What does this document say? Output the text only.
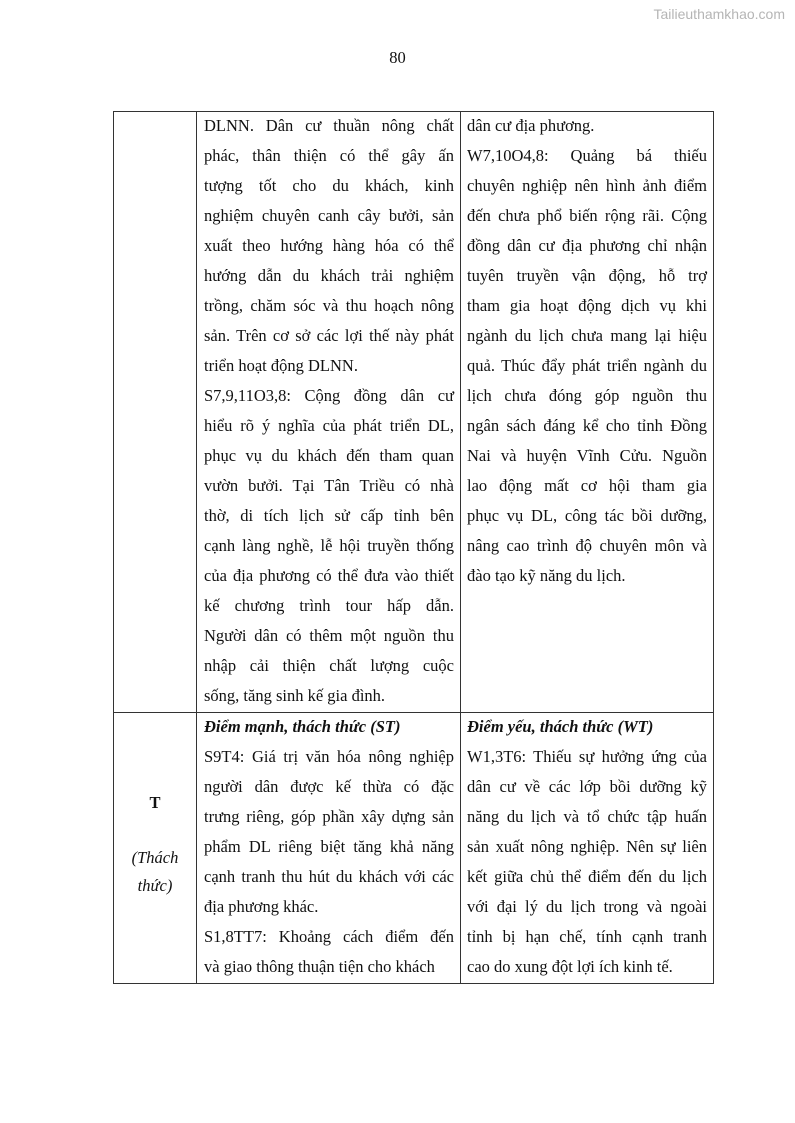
Tailieuthamkhao.com
80
DLNN. Dân cư thuần nông chất
phác, thân thiện có thể gây ấn
tượng tốt cho du khách, kinh
nghiệm chuyên canh cây bưởi, sản
xuất theo hướng hàng hóa có thể
hướng dẫn du khách trải nghiệm
trồng, chăm sóc và thu hoạch nông
sản. Trên cơ sở các lợi thế này phát
triển hoạt động DLNN.
S7,9,11O3,8: Cộng đồng dân cư
hiểu rõ ý nghĩa của phát triển DL,
phục vụ du khách đến tham quan
vườn bưởi. Tại Tân Triều có nhà
thờ, di tích lịch sử cấp tỉnh bên
cạnh làng nghề, lễ hội truyền thống
của địa phương có thể đưa vào thiết
kế chương trình tour hấp dẫn.
Người dân có thêm một nguồn thu
nhập cải thiện chất lượng cuộc
sống, tăng sinh kế gia đình.
dân cư địa phương.
W7,10O4,8: Quảng bá thiếu
chuyên nghiệp nên hình ảnh điểm
đến chưa phổ biến rộng rãi. Cộng
đồng dân cư địa phương chỉ nhận
tuyên truyền vận động, hỗ trợ
tham gia hoạt động dịch vụ khi
ngành du lịch chưa mang lại hiệu
quả. Thúc đẩy phát triển ngành du
lịch chưa đóng góp nguồn thu
ngân sách đáng kể cho tỉnh Đồng
Nai và huyện Vĩnh Cửu. Nguồn
lao động mất cơ hội tham gia
phục vụ DL, công tác bồi dưỡng,
nâng cao trình độ chuyên môn và
đào tạo kỹ năng du lịch.
T
(Thách
thức)
Điểm mạnh, thách thức (ST)
S9T4: Giá trị văn hóa nông nghiệp
người dân được kế thừa có đặc
trưng riêng, góp phần xây dựng sản
phẩm DL riêng biệt tăng khả năng
cạnh tranh thu hút du khách với các
địa phương khác.
S1,8TT7: Khoảng cách điểm đến
và giao thông thuận tiện cho khách
Điểm yếu, thách thức (WT)
W1,3T6: Thiếu sự hưởng ứng của
dân cư về các lớp bồi dưỡng kỹ
năng du lịch và tổ chức tập huấn
sản xuất nông nghiệp. Nên sự liên
kết giữa chủ thể điểm đến du lịch
với đại lý du lịch trong và ngoài
tỉnh bị hạn chế, tính cạnh tranh
cao do xung đột lợi ích kinh tế.
